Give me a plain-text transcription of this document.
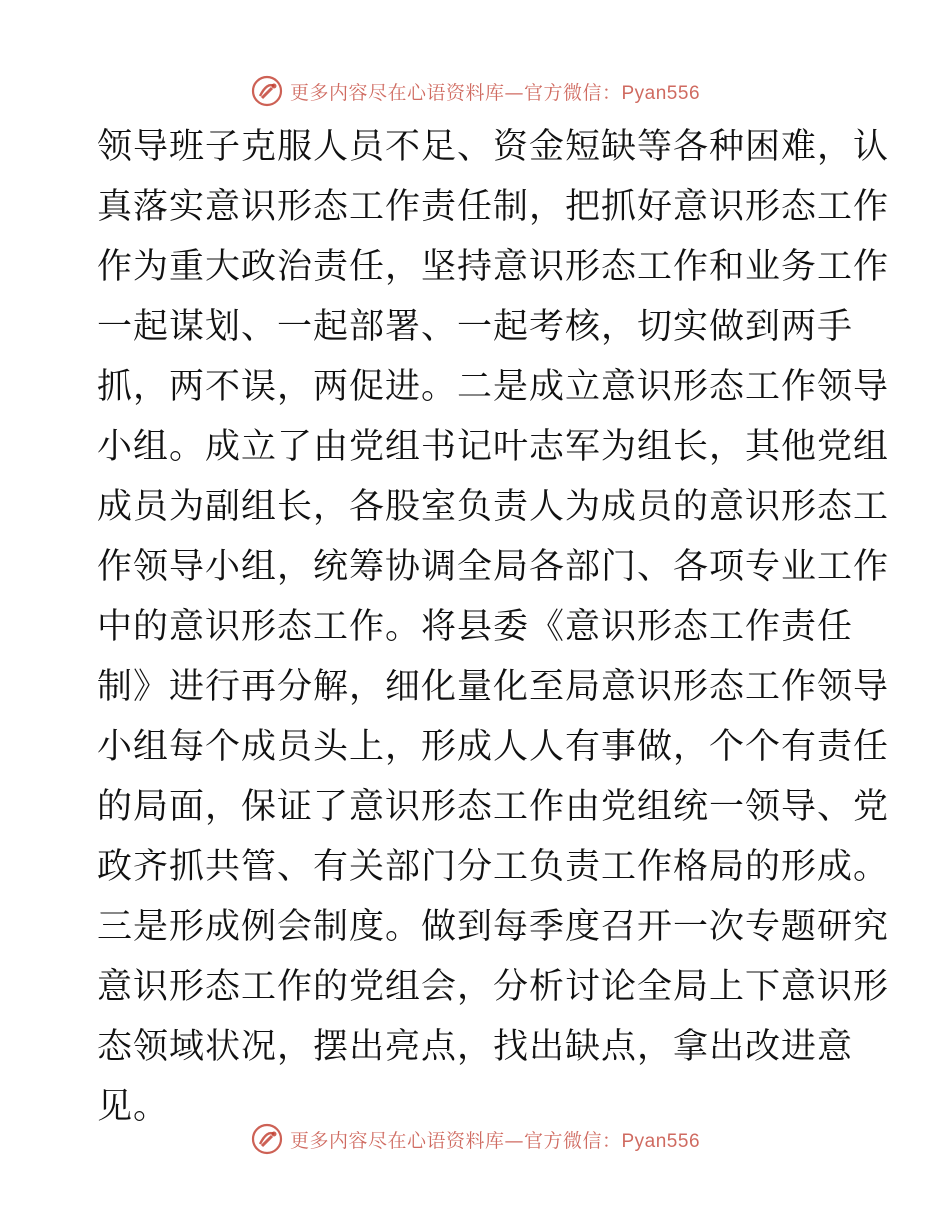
更多内容尽在心语资料库—官方微信：Pyan556
领导班子克服人员不足、资金短缺等各种困难，认
真落实意识形态工作责任制，把抓好意识形态工作
作为重大政治责任，坚持意识形态工作和业务工作
一起谋划、一起部署、一起考核，切实做到两手
抓，两不误，两促进。二是成立意识形态工作领导
小组。成立了由党组书记叶志军为组长，其他党组
成员为副组长，各股室负责人为成员的意识形态工
作领导小组，统筹协调全局各部门、各项专业工作
中的意识形态工作。将县委《意识形态工作责任
制》进行再分解，细化量化至局意识形态工作领导
小组每个成员头上，形成人人有事做，个个有责任
的局面，保证了意识形态工作由党组统一领导、党
政齐抓共管、有关部门分工负责工作格局的形成。
三是形成例会制度。做到每季度召开一次专题研究
意识形态工作的党组会，分析讨论全局上下意识形
态领域状况，摆出亮点，找出缺点，拿出改进意
见。
更多内容尽在心语资料库—官方微信：Pyan556
